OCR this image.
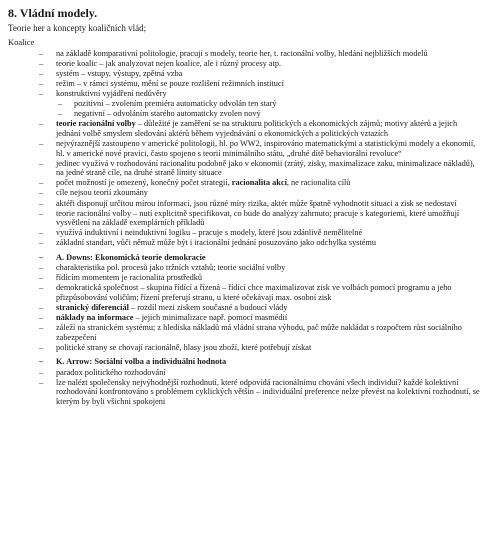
8. Vládní modely.
Teorie her a koncepty koaličních vlád;
Koalice
– na základě komparativní politologie, pracují s modely, teorie her, t. racionální volby, hledání nejbližších modelů
– teorie koalic – jak analyzovat nejen koalice, ale i různý procesy atp.
– systém – vstupy, výstupy, zpětná vzba
– režim – v rámci systému, mění se pouze rozlišení režimních institucí
– konstruktivní vyjádření nedůvěry
– pozitivní – zvolením premiéra automaticky odvolán ten starý
– negativní – odvoláním starého automaticky zvolen nový
– teorie racionální volby – důležité je zaměření se na strukturu politických a ekonomických zájmů; motivy aktérů a jejich jednání volbě smyslem sledování aktérů během vyjednávání o ekonomických a politických vztazích
– nejvýraznější zastoupeno v americké politologii, hl. po WW2, inspirováno matematickými a statistickými modely a ekonomií, hl. v americké nové pravici, často spojeno s teorií minimálního státu, „druhé dítě behaviorální revoluce“
– jedinec využívá v rozhodování racionalitu podobně jako v ekonomii (zrátý, zisky, maximalizace zaku, minimalizace nákladů), na jedné straně cíle, na druhé straně limity situace
– počet možností je omezený, konečný počet strategií, racionalita akcí, ne racionalita cílů
– cíle nejsou teorií zkoumány
– aktéři disponují určitou mírou informací, jsou různé míry rizika, aktér může špatně vyhodnotit situaci a zisk se nedostaví
– teorie racionální volby – nutí explicitně specifikovat, co bude do analýzy zahrnuto; pracuje s kategoriemi, které umožňují vysvětlení na základě exemplárních příkladů
– využívá induktivní i neinduktivní logiku – pracuje s modely, které jsou zdánlivě nemělitelné
– základní standart, vůči němuž může být i iracionální jednání posuzováno jako odchylka systému
– A. Downs: Ekonomická teorie demokracie
– charakteristika pol. procesů jako tržních vztahů; teorie sociální volby
– řídícím momentem je racionalita prostředků
– demokratická společnost – skupina řídící a řízená – řídící chce maximalizovat zisk ve volbách pomocí programu a jeho přizpůsobování voličům; řízení preferují stranu, u které očekávají max. osobní zisk
– stranický diferenciál – rozdíl mezi ziskem současné a budoucí vlády
– náklady na informace – jejich minimalizace např. pomocí masmédií
– záleží na stranickém systému; z hlediska nákladů má vládní strana výhodu, pač může nakládat s rozpočtem růst sociálního zabezpečení
– politické strany se chovají racionálně, hlasy jsou zboží, které potřebují získat
– K. Arrow: Sociální volba a individuální hodnota
– paradox politického rozhodování
– lze nalézt společensky nejvýhodnější rozhodnutí, které odpovídá racionálnímu chování všech individuí? každé kolektivní rozhodování konfrontováno s problémem cyklických většin – individuální preference nelze převést na kolektivní rozhodnutí, se kterým by byli všichni spokojeni
